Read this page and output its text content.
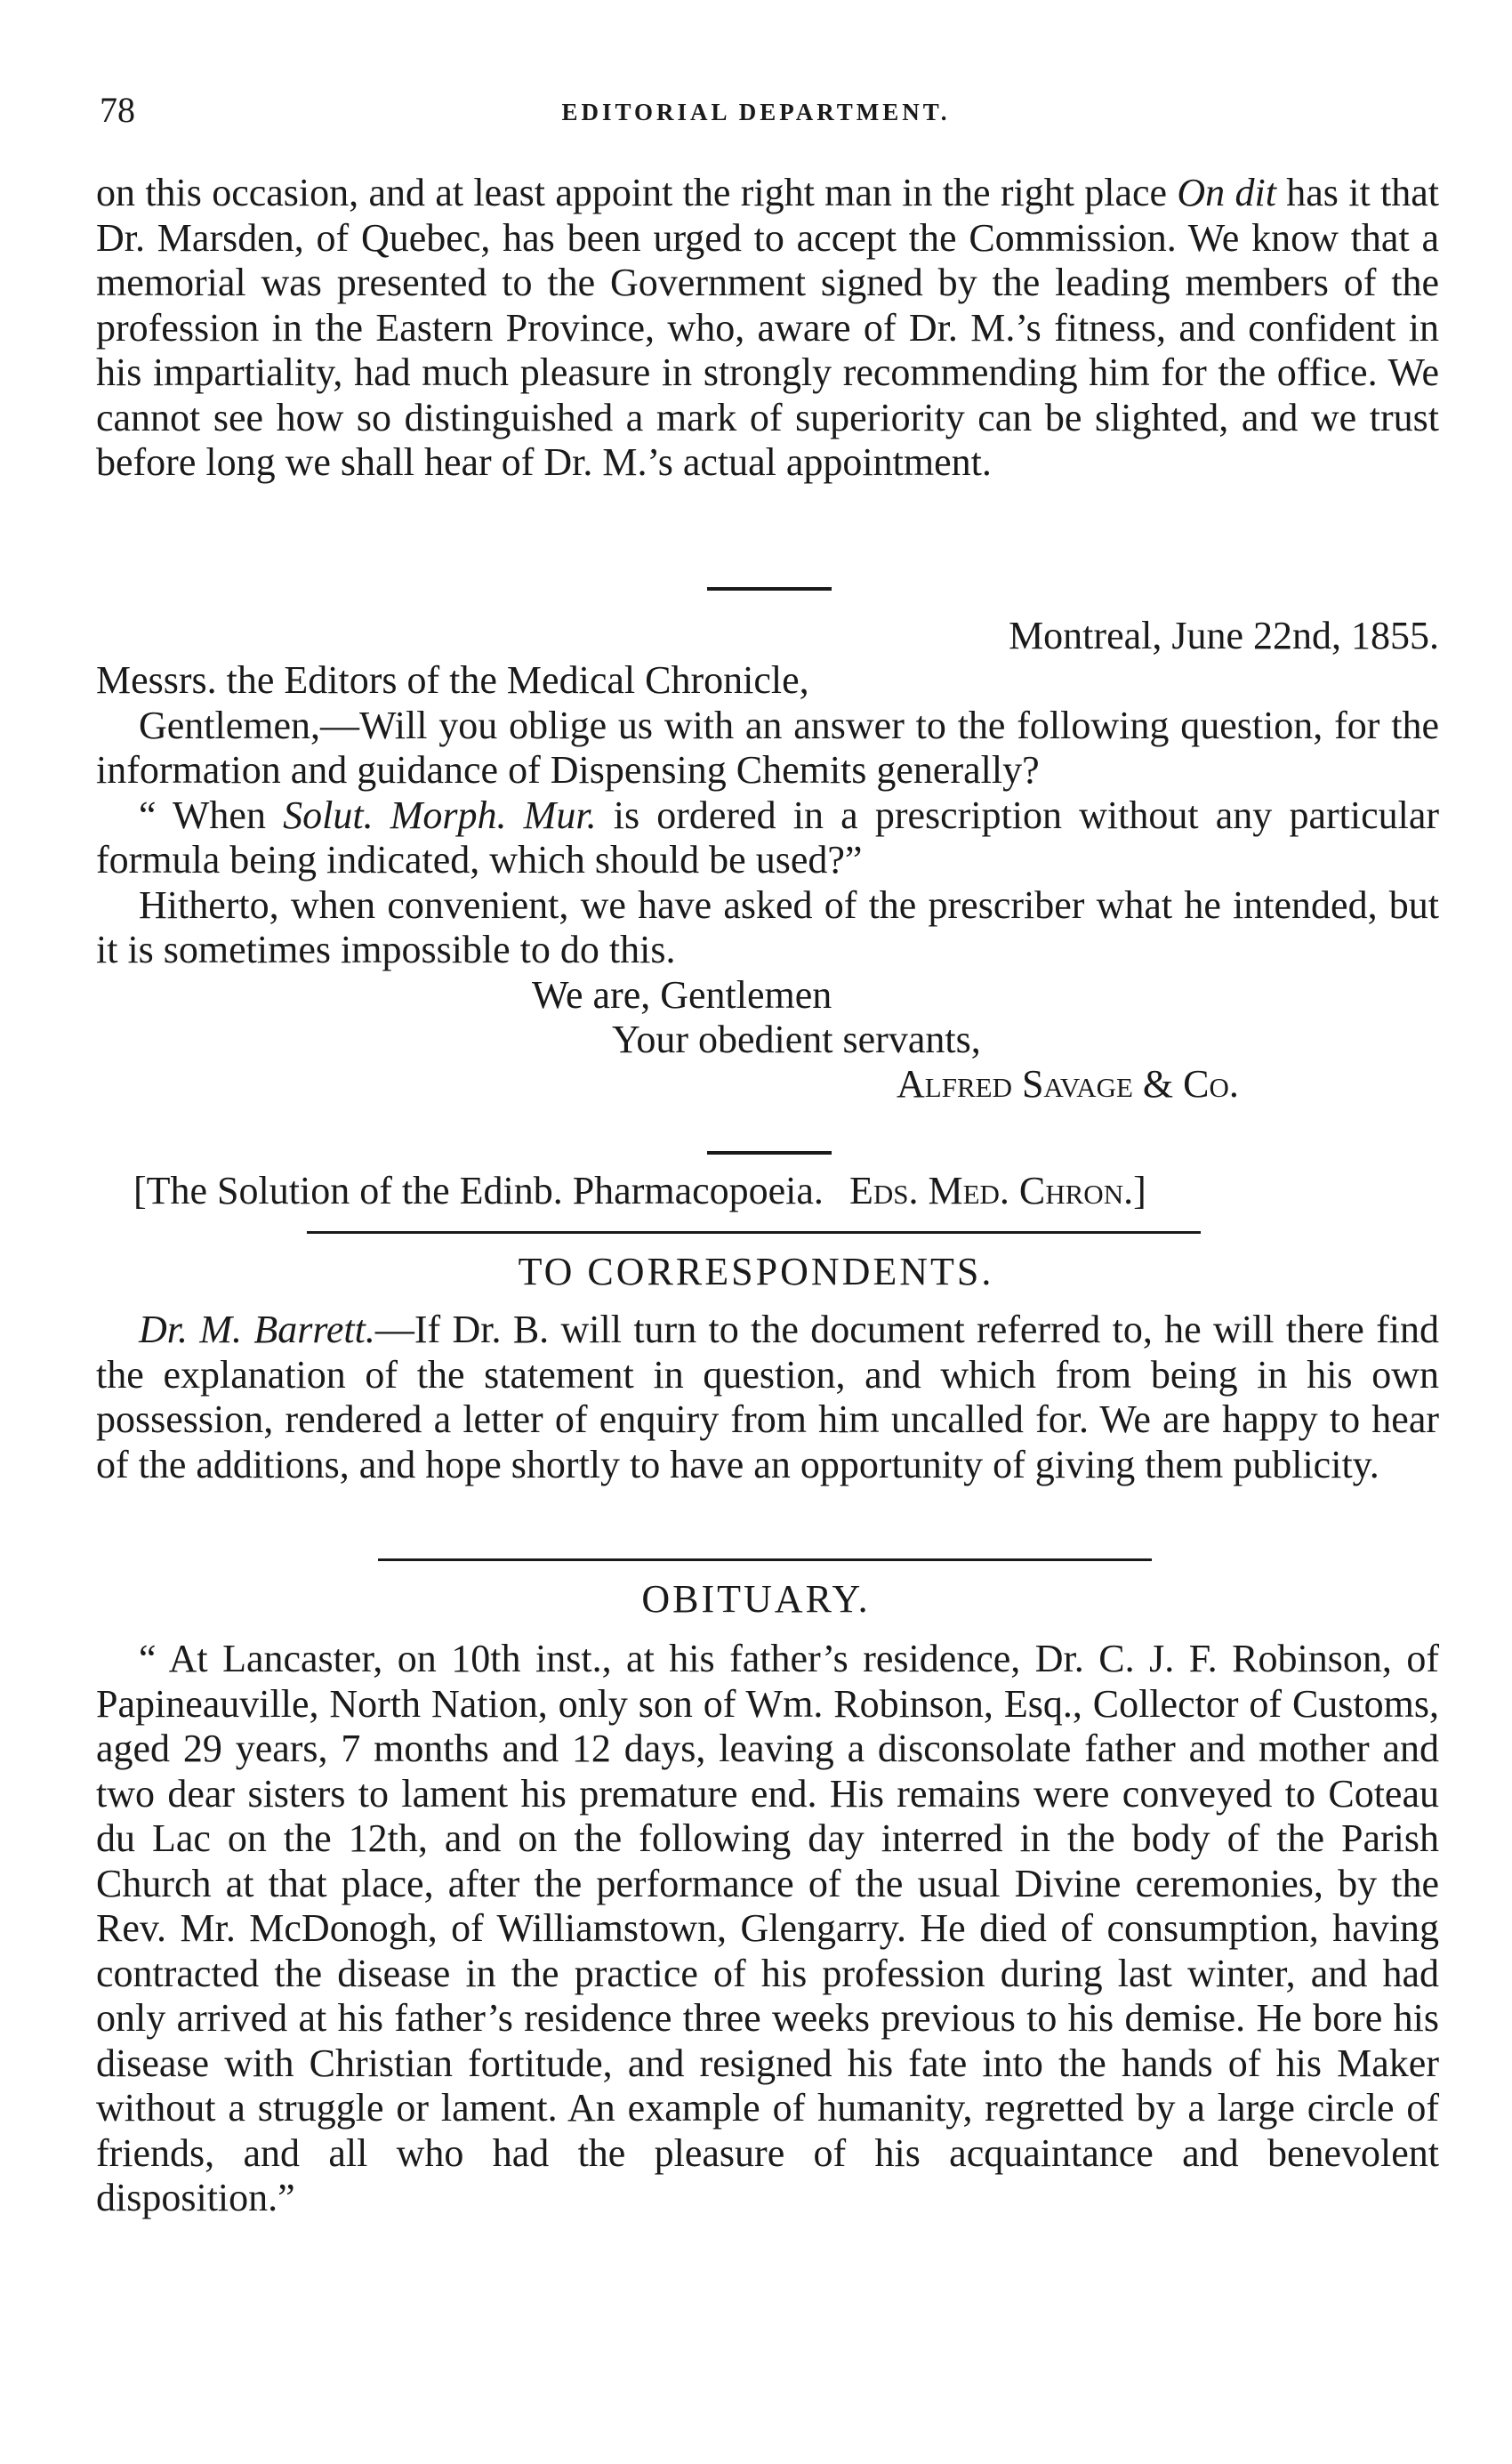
78	EDITORIAL DEPARTMENT.

on this occasion, and at least appoint the right man in the right place On dit has it that Dr. Marsden, of Quebec, has been urged to accept the Commission. We know that a memorial was presented to the Government signed by the leading members of the profession in the Eastern Province, who, aware of Dr. M.’s fitness, and confident in his impartiality, had much pleasure in strongly recommending him for the office. We cannot see how so distinguished a mark of superiority can be slighted, and we trust before long we shall hear of Dr. M.’s actual appointment.

Montreal, June 22nd, 1855.
Messrs. the Editors of the Medical Chronicle,

Gentlemen,—Will you oblige us with an answer to the following question, for the information and guidance of Dispensing Chemits generally?

“ When Solut. Morph. Mur. is ordered in a prescription without any particular formula being indicated, which should be used?”

Hitherto, when convenient, we have asked of the prescriber what he intended, but it is sometimes impossible to do this.

We are, Gentlemen
Your obedient servants,
Alfred Savage & Co.
[The Solution of the Edinb. Pharmacopoeia. Eds. Med. Chron.]
TO CORRESPONDENTS.

Dr. M. Barrett.—If Dr. B. will turn to the document referred to, he will there find the explanation of the statement in question, and which from being in his own possession, rendered a letter of enquiry from him uncalled for. We are happy to hear of the additions, and hope shortly to have an opportunity of giving them publicity.

OBITUARY.

“ At Lancaster, on 10th inst., at his father’s residence, Dr. C. J. F. Robinson, of Papineauville, North Nation, only son of Wm. Robinson, Esq., Collector of Customs, aged 29 years, 7 months and 12 days, leaving a disconsolate father and mother and two dear sisters to lament his premature end. His remains were conveyed to Coteau du Lac on the 12th, and on the following day interred in the body of the Parish Church at that place, after the performance of the usual Divine ceremonies, by the Rev. Mr. McDonogh, of Williamstown, Glengarry. He died of consumption, having contracted the disease in the practice of his profession during last winter, and had only arrived at his father’s residence three weeks previous to his demise. He bore his disease with Christian fortitude, and resigned his fate into the hands of his Maker without a struggle or lament. An example of humanity, regretted by a large circle of friends, and all who had the pleasure of his acquaintance and benevolent disposition.”
